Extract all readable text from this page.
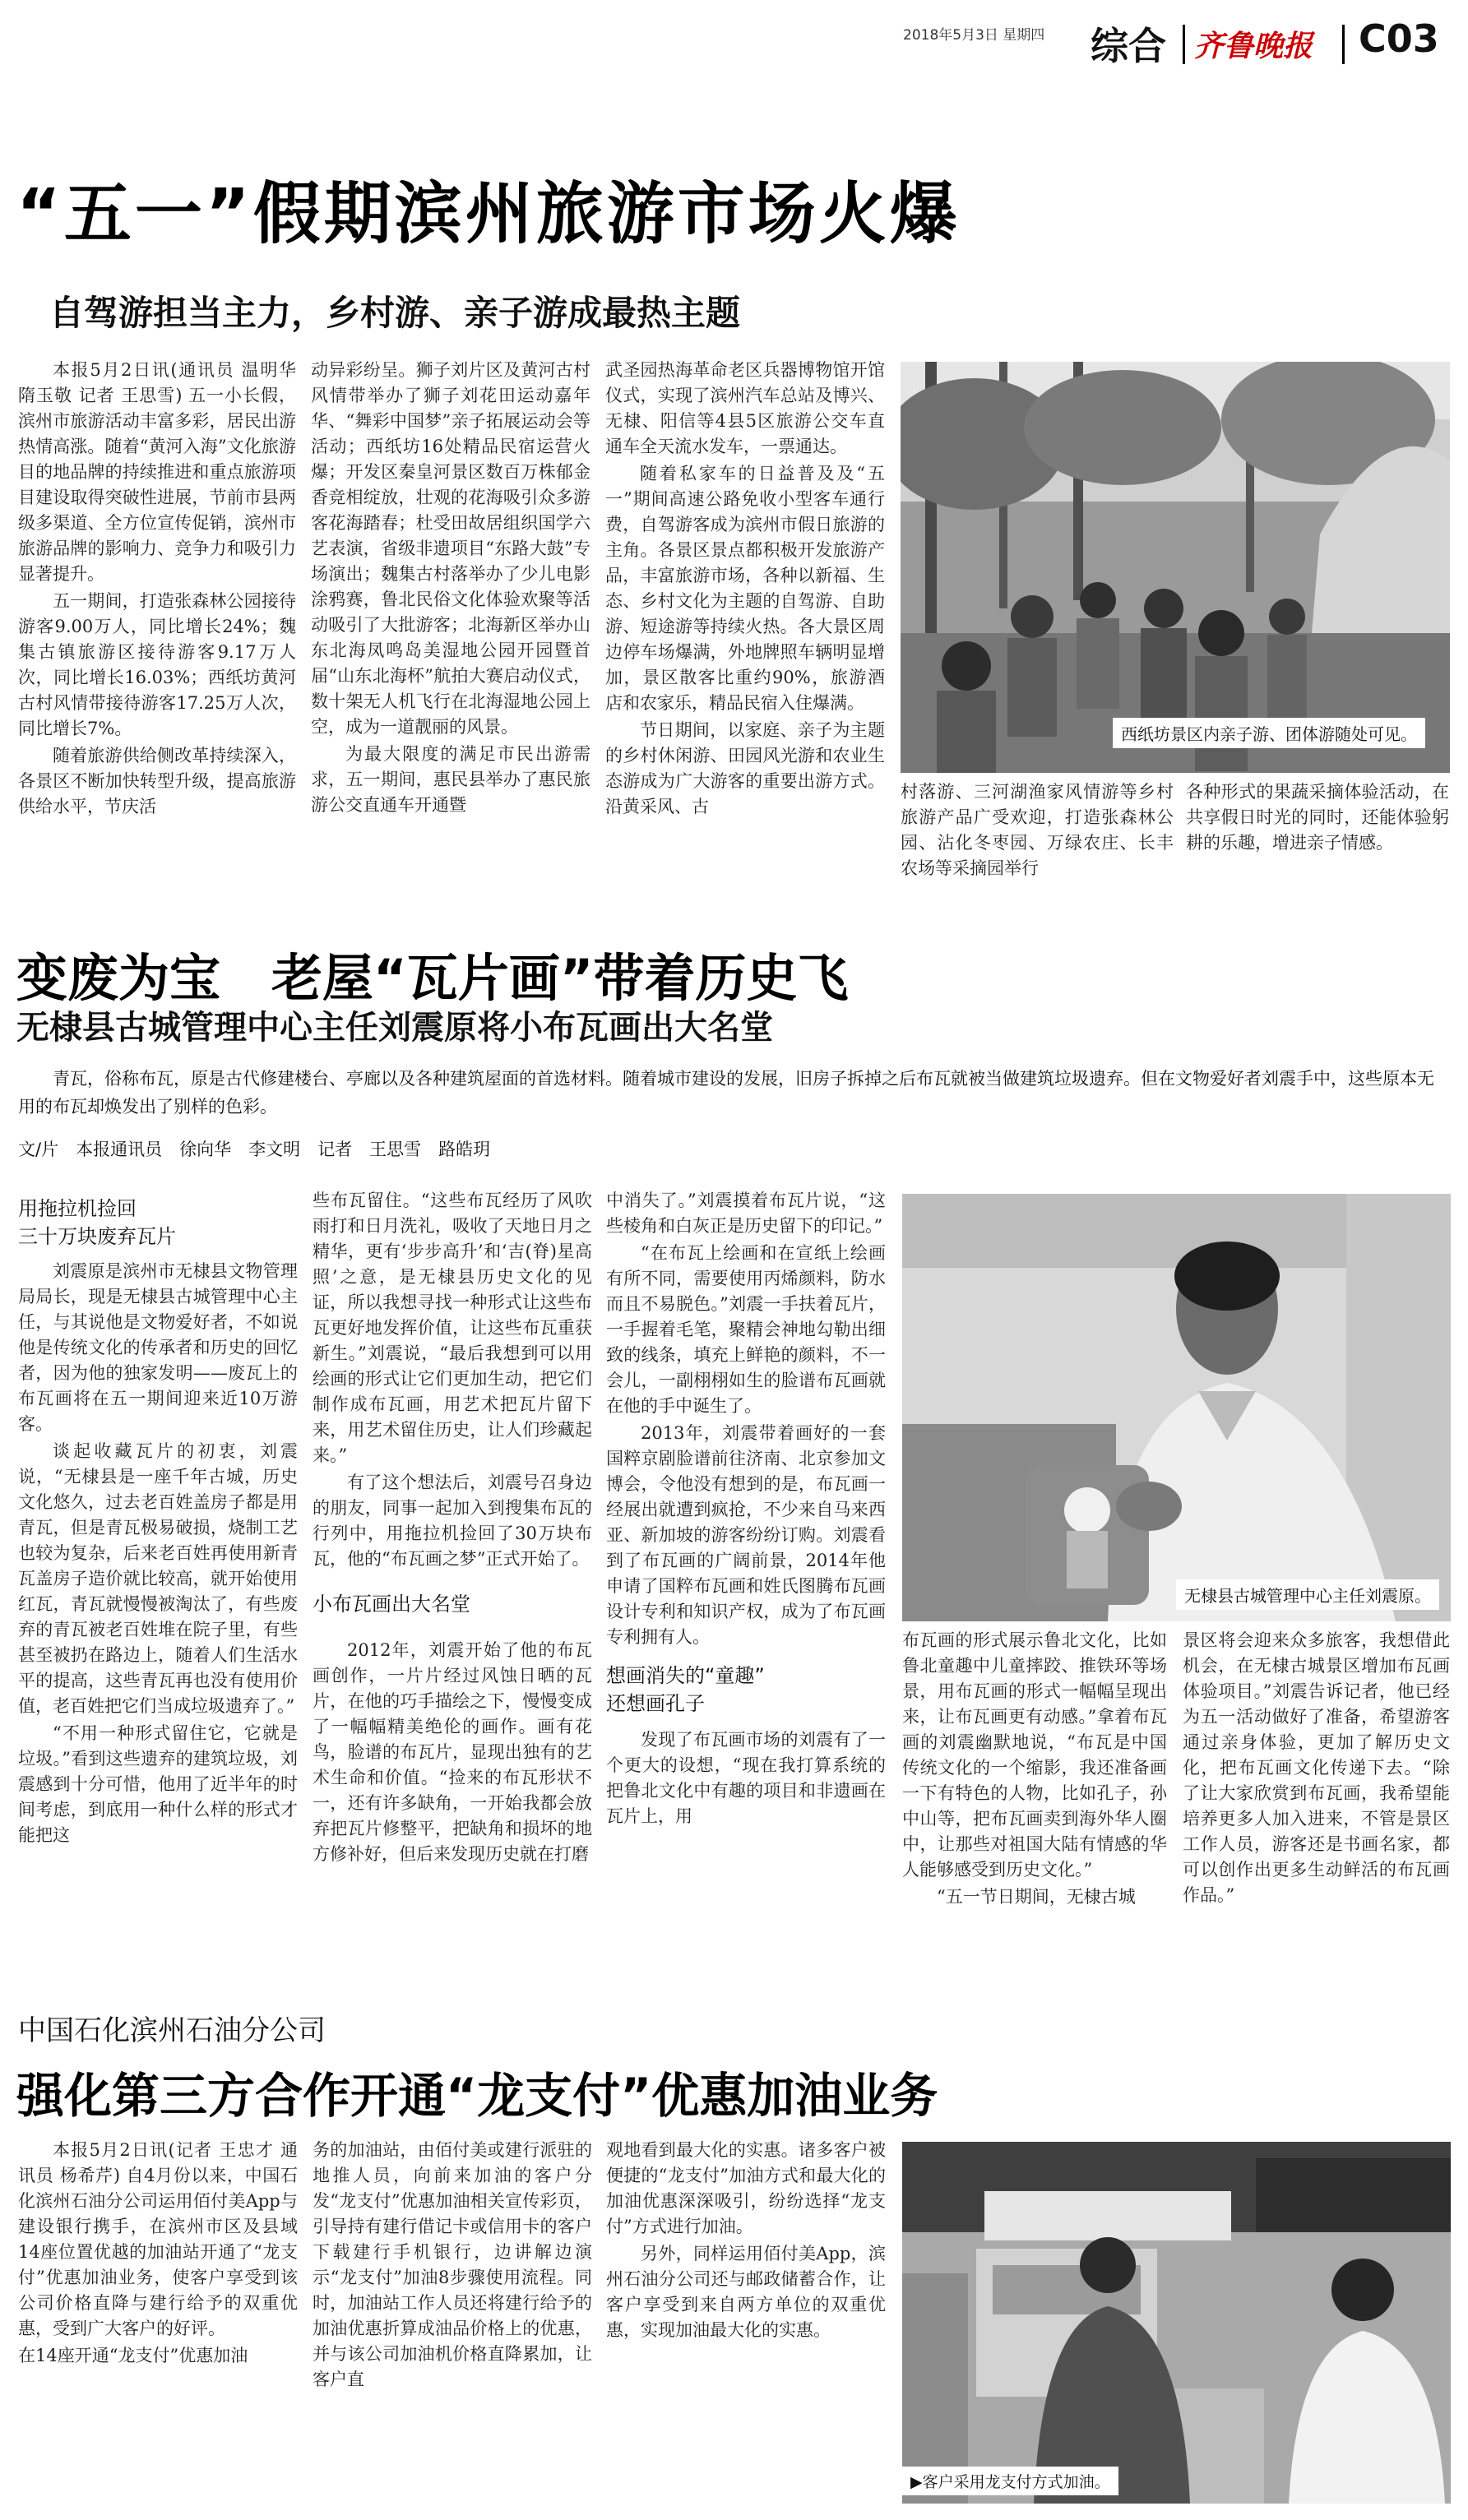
2018年5月3日 星期四 综合 齐鲁晚报 C03
“五一”假期滨州旅游市场火爆
自驾游担当主力，乡村游、亲子游成最热主题

本报5月2日讯(通讯员 温明华 隋玉敬 记者 王思雪) 五一小长假，滨州市旅游活动丰富多彩，居民出游热情高涨。随着“黄河入海”文化旅游目的地品牌的持续推进和重点旅游项目建设取得突破性进展，节前市县两级多渠道、全方位宣传促销，滨州市旅游品牌的影响力、竞争力和吸引力显著提升。

五一期间，打造张森林公园接待游客9.00万人，同比增长24%；魏集古镇旅游区接待游客9.17万人次，同比增长16.03%；西纸坊黄河古村风情带接待游客17.25万人次，同比增长7%。

随着旅游供给侧改革持续深入，各景区不断加快转型升级，提高旅游供给水平，节庆活

动异彩纷呈。狮子刘片区及黄河古村风情带举办了狮子刘花田运动嘉年华、“舞彩中国梦”亲子拓展运动会等活动；西纸坊16处精品民宿运营火爆；开发区秦皇河景区数百万株郁金香竞相绽放，壮观的花海吸引众多游客花海踏春；杜受田故居组织国学六艺表演，省级非遗项目“东路大鼓”专场演出；魏集古村落举办了少儿电影涂鸦赛，鲁北民俗文化体验欢聚等活动吸引了大批游客；北海新区举办山东北海凤鸣岛美湿地公园开园暨首届“山东北海杯”航拍大赛启动仪式，数十架无人机飞行在北海湿地公园上空，成为一道靓丽的风景。

为最大限度的满足市民出游需求，五一期间，惠民县举办了惠民旅游公交直通车开通暨

武圣园热海革命老区兵器博物馆开馆仪式，实现了滨州汽车总站及博兴、无棣、阳信等4县5区旅游公交车直通车全天流水发车，一票通达。

随着私家车的日益普及及“五一”期间高速公路免收小型客车通行费，自驾游客成为滨州市假日旅游的主角。各景区景点都积极开发旅游产品，丰富旅游市场，各种以新福、生态、乡村文化为主题的自驾游、自助游、短途游等持续火热。各大景区周边停车场爆满，外地牌照车辆明显增加，景区散客比重约90%，旅游酒店和农家乐，精品民宿入住爆满。

节日期间，以家庭、亲子为主题的乡村休闲游、田园风光游和农业生态游成为广大游客的重要出游方式。沿黄采风、古

西纸坊景区内亲子游、团体游随处可见。

村落游、三河湖渔家风情游等乡村旅游产品广受欢迎，打造张森林公园、沾化冬枣园、万绿农庄、长丰农场等采摘园举行

各种形式的果蔬采摘体验活动，在共享假日时光的同时，还能体验躬耕的乐趣，增进亲子情感。

变废为宝　老屋“瓦片画”带着历史飞
无棣县古城管理中心主任刘震原将小布瓦画出大名堂
青瓦，俗称布瓦，原是古代修建楼台、亭廊以及各种建筑屋面的首选材料。随着城市建设的发展，旧房子拆掉之后布瓦就被当做建筑垃圾遗弃。但在文物爱好者刘震手中，这些原本无用的布瓦却焕发出了别样的色彩。
文/片　本报通讯员　徐向华　李文明　记者　王思雪　路皓玥
用拖拉机捡回
三十万块废弃瓦片

刘震原是滨州市无棣县文物管理局局长，现是无棣县古城管理中心主任，与其说他是文物爱好者，不如说他是传统文化的传承者和历史的回忆者，因为他的独家发明——废瓦上的布瓦画将在五一期间迎来近10万游客。

谈起收藏瓦片的初衷，刘震说，“无棣县是一座千年古城，历史文化悠久，过去老百姓盖房子都是用青瓦，但是青瓦极易破损，烧制工艺也较为复杂，后来老百姓再使用新青瓦盖房子造价就比较高，就开始使用红瓦，青瓦就慢慢被淘汰了，有些废弃的青瓦被老百姓堆在院子里，有些甚至被扔在路边上，随着人们生活水平的提高，这些青瓦再也没有使用价值，老百姓把它们当成垃圾遗弃了。”

“不用一种形式留住它，它就是垃圾。”看到这些遗弃的建筑垃圾，刘震感到十分可惜，他用了近半年的时间考虑，到底用一种什么样的形式才能把这

些布瓦留住。“这些布瓦经历了风吹雨打和日月洗礼，吸收了天地日月之精华，更有‘步步高升’和‘吉(脊)星高照’之意，是无棣县历史文化的见证，所以我想寻找一种形式让这些布瓦更好地发挥价值，让这些布瓦重获新生。”刘震说，“最后我想到可以用绘画的形式让它们更加生动，把它们制作成布瓦画，用艺术把瓦片留下来，用艺术留住历史，让人们珍藏起来。”

有了这个想法后，刘震号召身边的朋友，同事一起加入到搜集布瓦的行列中，用拖拉机捡回了30万块布瓦，他的“布瓦画之梦”正式开始了。

小布瓦画出大名堂

2012年，刘震开始了他的布瓦画创作，一片片经过风蚀日晒的瓦片，在他的巧手描绘之下，慢慢变成了一幅幅精美绝伦的画作。画有花鸟，脸谱的布瓦片，显现出独有的艺术生命和价值。“捡来的布瓦形状不一，还有许多缺角，一开始我都会放弃把瓦片修整平，把缺角和损坏的地方修补好，但后来发现历史就在打磨

中消失了。”刘震摸着布瓦片说，“这些棱角和白灰正是历史留下的印记。”

“在布瓦上绘画和在宣纸上绘画有所不同，需要使用丙烯颜料，防水而且不易脱色。”刘震一手扶着瓦片，一手握着毛笔，聚精会神地勾勒出细致的线条，填充上鲜艳的颜料，不一会儿，一副栩栩如生的脸谱布瓦画就在他的手中诞生了。

2013年，刘震带着画好的一套国粹京剧脸谱前往济南、北京参加文博会，令他没有想到的是，布瓦画一经展出就遭到疯抢，不少来自马来西亚、新加坡的游客纷纷订购。刘震看到了布瓦画的广阔前景，2014年他申请了国粹布瓦画和姓氏图腾布瓦画设计专利和知识产权，成为了布瓦画专利拥有人。

想画消失的“童趣”
还想画孔子

发现了布瓦画市场的刘震有了一个更大的设想，“现在我打算系统的把鲁北文化中有趣的项目和非遗画在瓦片上，用

无棣县古城管理中心主任刘震原。

布瓦画的形式展示鲁北文化，比如鲁北童趣中儿童摔跤、推铁环等场景，用布瓦画的形式一幅幅呈现出来，让布瓦画更有动感。”拿着布瓦画的刘震幽默地说，“布瓦是中国传统文化的一个缩影，我还准备画一下有特色的人物，比如孔子，孙中山等，把布瓦画卖到海外华人圈中，让那些对祖国大陆有情感的华人能够感受到历史文化。”

“五一节日期间，无棣古城

景区将会迎来众多旅客，我想借此机会，在无棣古城景区增加布瓦画体验项目。”刘震告诉记者，他已经为五一活动做好了准备，希望游客通过亲身体验，更加了解历史文化，把布瓦画文化传递下去。“除了让大家欣赏到布瓦画，我希望能培养更多人加入进来，不管是景区工作人员，游客还是书画名家，都可以创作出更多生动鲜活的布瓦画作品。”

中国石化滨州石油分公司
强化第三方合作开通“龙支付”优惠加油业务

本报5月2日讯(记者 王忠才 通讯员 杨希芹) 自4月份以来，中国石化滨州石油分公司运用佰付美App与建设银行携手，在滨州市区及县域14座位置优越的加油站开通了“龙支付”优惠加油业务，使客户享受到该公司价格直降与建行给予的双重优惠，受到广大客户的好评。

在14座开通“龙支付”优惠加油

务的加油站，由佰付美或建行派驻的地推人员，向前来加油的客户分发“龙支付”优惠加油相关宣传彩页，引导持有建行借记卡或信用卡的客户下载建行手机银行，边讲解边演示“龙支付”加油8步骤使用流程。同时，加油站工作人员还将建行给予的加油优惠折算成油品价格上的优惠，并与该公司加油机价格直降累加，让客户直

观地看到最大化的实惠。诸多客户被便捷的“龙支付”加油方式和最大化的加油优惠深深吸引，纷纷选择“龙支付”方式进行加油。

另外，同样运用佰付美App，滨州石油分公司还与邮政储蓄合作，让客户享受到来自两方单位的双重优惠，实现加油最大化的实惠。

▶客户采用龙支付方式加油。
